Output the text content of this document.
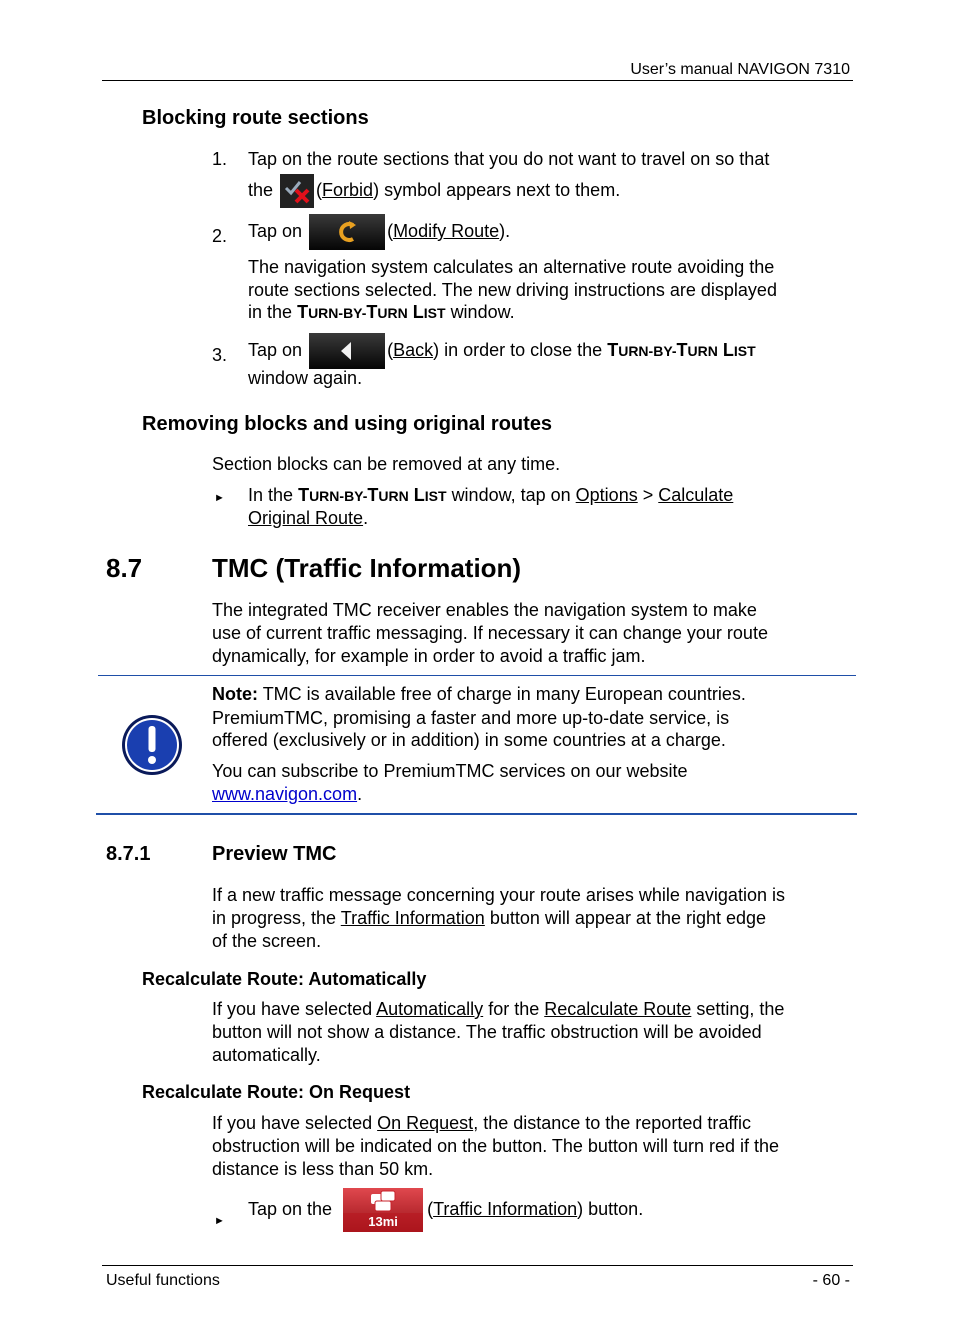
User’s manual NAVIGON 7310
Blocking route sections
1. Tap on the route sections that you do not want to travel on so that
the (Forbid) symbol appears next to them.
2. Tap on	(Modify Route).
The navigation system calculates an alternative route avoiding the
route sections selected. The new driving instructions are displayed
in the TURN-BY-TURN LIST window.
3. Tap on	(Back) in order to close the TURN-BY-TURN LIST
window again.
Removing blocks and using original routes
Section blocks can be removed at any time.
► In the TURN-BY-TURN LIST window, tap on Options > Calculate
Original Route.
8.7	TMC (Traffic Information)
The integrated TMC receiver enables the navigation system to make
use of current traffic messaging. If necessary it can change your route
dynamically, for example in order to avoid a traffic jam.
Note: TMC is available free of charge in many European countries.
PremiumTMC, promising a faster and more up-to-date service, is
offered (exclusively or in addition) in some countries at a charge.
You can subscribe to PremiumTMC services on our website
www.navigon.com.
8.7.1	Preview TMC
If a new traffic message concerning your route arises while navigation is
in progress, the Traffic Information button will appear at the right edge
of the screen.
Recalculate Route: Automatically
If you have selected Automatically for the Recalculate Route setting, the
button will not show a distance. The traffic obstruction will be avoided
automatically.
Recalculate Route: On Request
If you have selected On Request, the distance to the reported traffic
obstruction will be indicated on the button. The button will turn red if the
distance is less than 50 km.
►
Tap on the
13mi
(Traffic Information) button.
Useful functions	- 60 -
